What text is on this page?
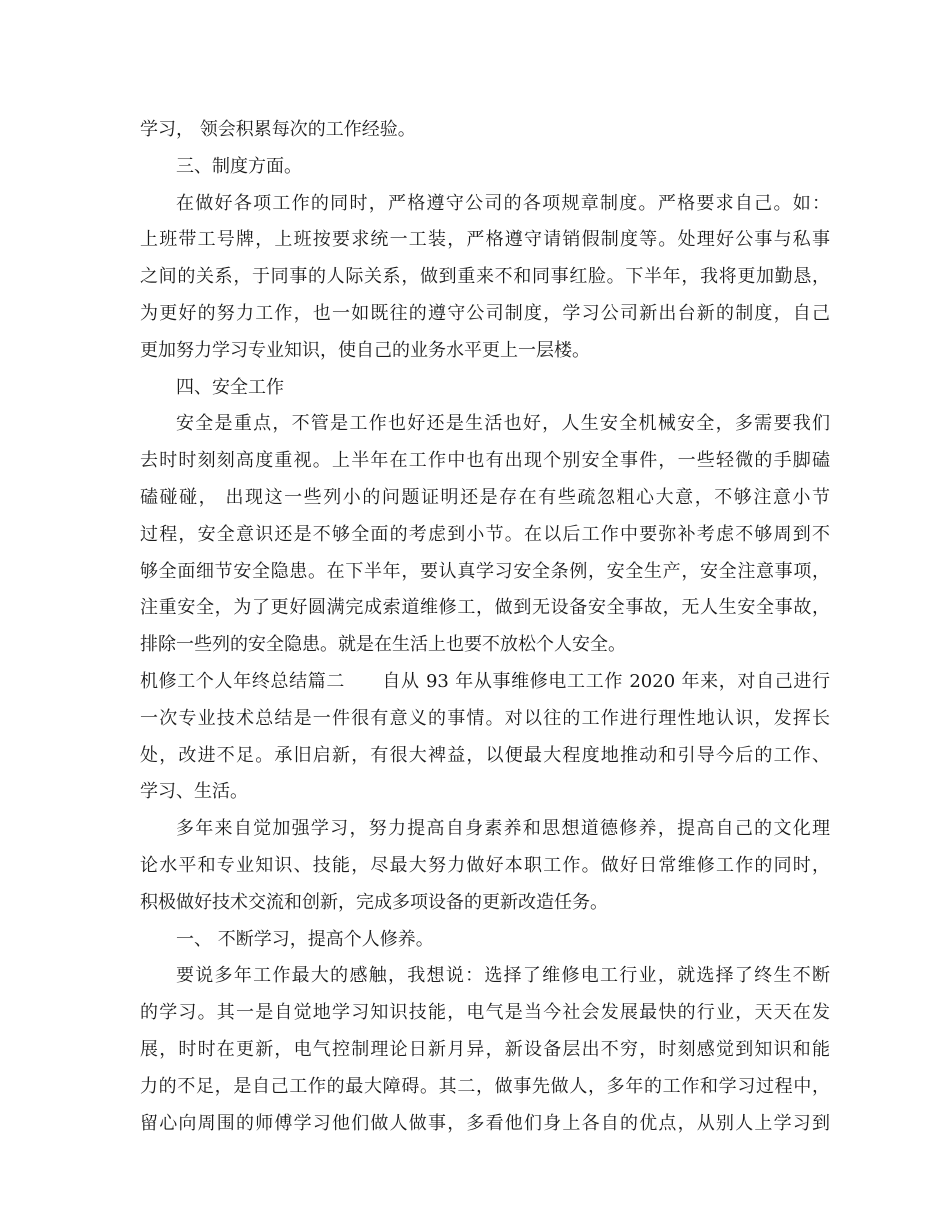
学习， 领会积累每次的工作经验。
三、制度方面。
在做好各项工作的同时，严格遵守公司的各项规章制度。严格要求自己。如：
上班带工号牌，上班按要求统一工装，严格遵守请销假制度等。处理好公事与私事
之间的关系，于同事的人际关系，做到重来不和同事红脸。下半年，我将更加勤恳，
为更好的努力工作，也一如既往的遵守公司制度，学习公司新出台新的制度，自己
更加努力学习专业知识，使自己的业务水平更上一层楼。
四、安全工作
安全是重点，不管是工作也好还是生活也好，人生安全机械安全，多需要我们
去时时刻刻高度重视。上半年在工作中也有出现个别安全事件，一些轻微的手脚磕
磕碰碰， 出现这一些列小的问题证明还是存在有些疏忽粗心大意，不够注意小节
过程，安全意识还是不够全面的考虑到小节。在以后工作中要弥补考虑不够周到不
够全面细节安全隐患。在下半年，要认真学习安全条例，安全生产，安全注意事项，
注重安全，为了更好圆满完成索道维修工，做到无设备安全事故，无人生安全事故，
排除一些列的安全隐患。就是在生活上也要不放松个人安全。
机修工个人年终总结篇二　　自从 93 年从事维修电工工作 2020 年来，对自己进行
一次专业技术总结是一件很有意义的事情。对以往的工作进行理性地认识，发挥长
处，改进不足。承旧启新，有很大裨益，以便最大程度地推动和引导今后的工作、
学习、生活。
多年来自觉加强学习，努力提高自身素养和思想道德修养，提高自己的文化理
论水平和专业知识、技能，尽最大努力做好本职工作。做好日常维修工作的同时，
积极做好技术交流和创新，完成多项设备的更新改造任务。
一、 不断学习，提高个人修养。
要说多年工作最大的感触，我想说：选择了维修电工行业，就选择了终生不断
的学习。其一是自觉地学习知识技能，电气是当今社会发展最快的行业，天天在发
展，时时在更新，电气控制理论日新月异，新设备层出不穷，时刻感觉到知识和能
力的不足，是自己工作的最大障碍。其二，做事先做人，多年的工作和学习过程中，
留心向周围的师傅学习他们做人做事，多看他们身上各自的优点，从别人上学习到
